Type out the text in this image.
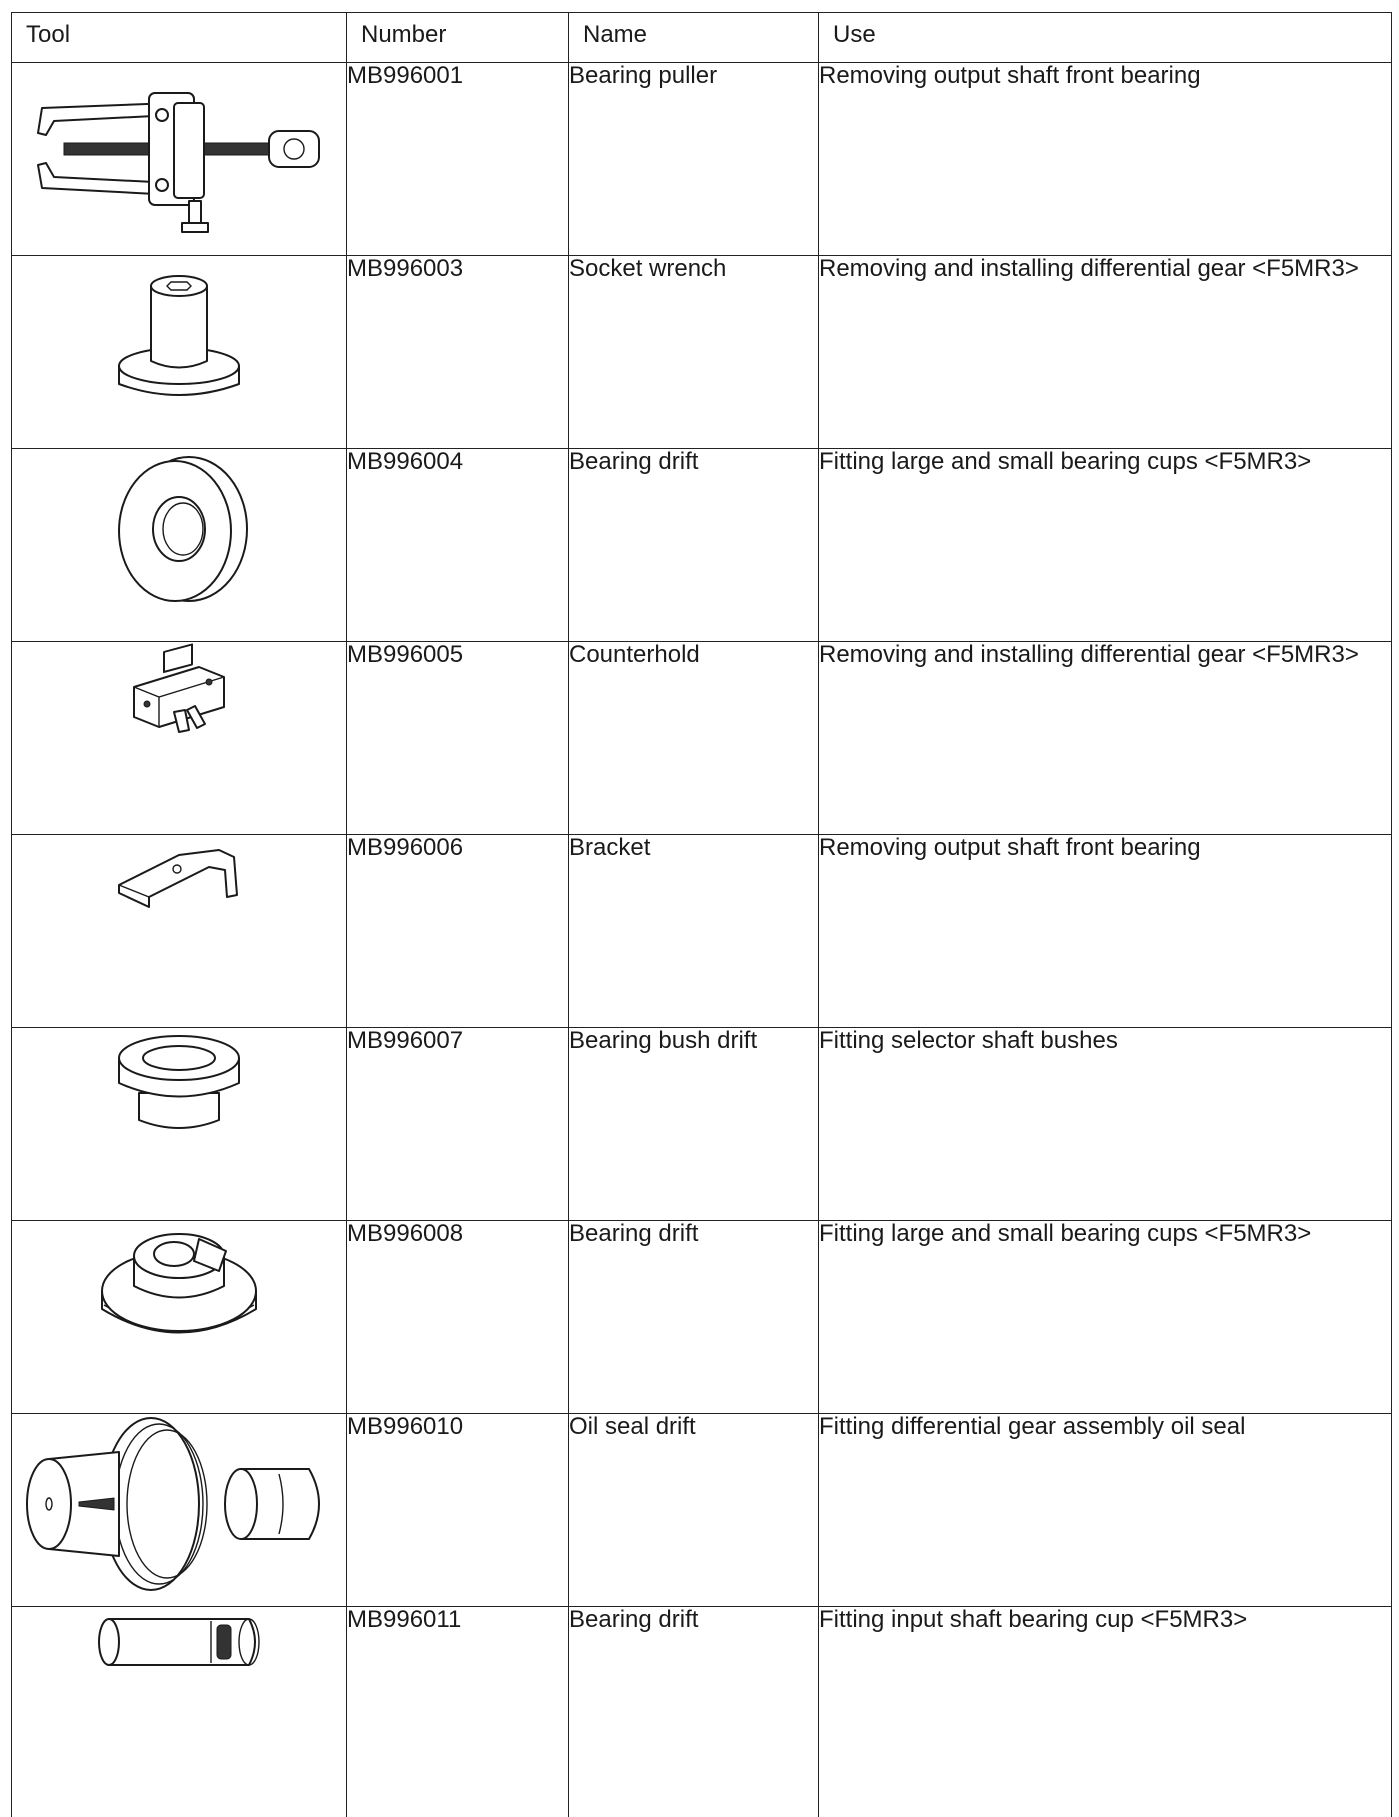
Tool	Number	Name	Use

	MB996001	Bearing puller	Removing output shaft front bearing

	MB996003	Socket wrench	Removing and installing differential gear <F5MR3>

	MB996004	Bearing drift	Fitting large and small bearing cups <F5MR3>

	MB996005	Counterhold	Removing and installing differential gear <F5MR3>

	MB996006	Bracket	Removing output shaft front bearing

	MB996007	Bearing bush drift	Fitting selector shaft bushes

	MB996008	Bearing drift	Fitting large and small bearing cups <F5MR3>

	MB996010	Oil seal drift	Fitting differential gear assembly oil seal

	MB996011	Bearing drift	Fitting input shaft bearing cup <F5MR3>
